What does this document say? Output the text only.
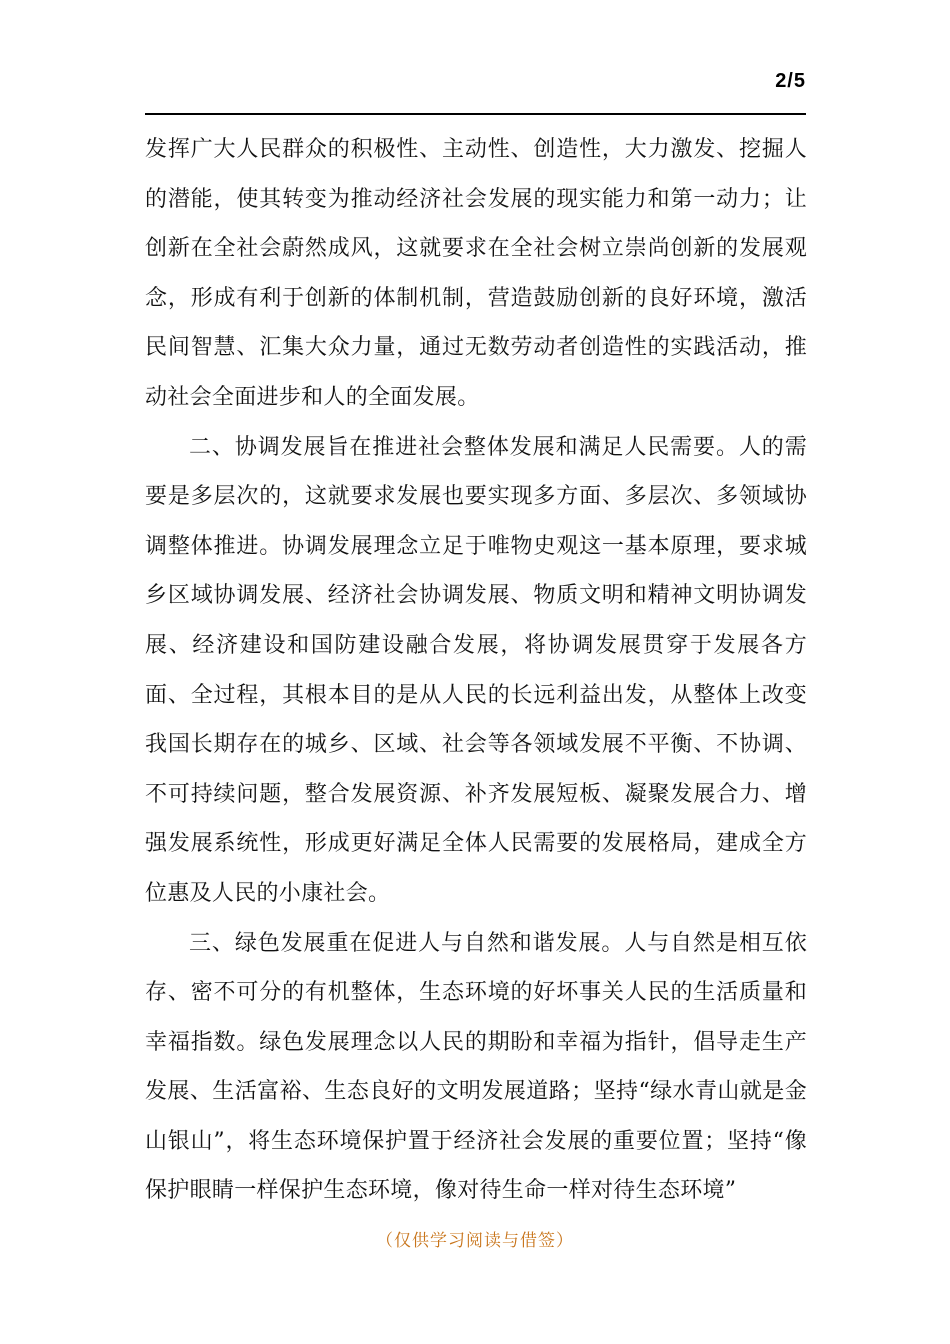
2/5

发挥广大人民群众的积极性、主动性、创造性，大力激发、挖掘人的潜能，使其转变为推动经济社会发展的现实能力和第一动力；让创新在全社会蔚然成风，这就要求在全社会树立崇尚创新的发展观念，形成有利于创新的体制机制，营造鼓励创新的良好环境，激活民间智慧、汇集大众力量，通过无数劳动者创造性的实践活动，推动社会全面进步和人的全面发展。

二、协调发展旨在推进社会整体发展和满足人民需要。人的需要是多层次的，这就要求发展也要实现多方面、多层次、多领域协调整体推进。协调发展理念立足于唯物史观这一基本原理，要求城乡区域协调发展、经济社会协调发展、物质文明和精神文明协调发展、经济建设和国防建设融合发展，将协调发展贯穿于发展各方面、全过程，其根本目的是从人民的长远利益出发，从整体上改变我国长期存在的城乡、区域、社会等各领域发展不平衡、不协调、不可持续问题，整合发展资源、补齐发展短板、凝聚发展合力、增强发展系统性，形成更好满足全体人民需要的发展格局，建成全方位惠及人民的小康社会。

三、绿色发展重在促进人与自然和谐发展。人与自然是相互依存、密不可分的有机整体，生态环境的好坏事关人民的生活质量和幸福指数。绿色发展理念以人民的期盼和幸福为指针，倡导走生产发展、生活富裕、生态良好的文明发展道路；坚持“绿水青山就是金山银山”，将生态环境保护置于经济社会发展的重要位置；坚持“像保护眼睛一样保护生态环境，像对待生命一样对待生态环境”

（仅供学习阅读与借签）
